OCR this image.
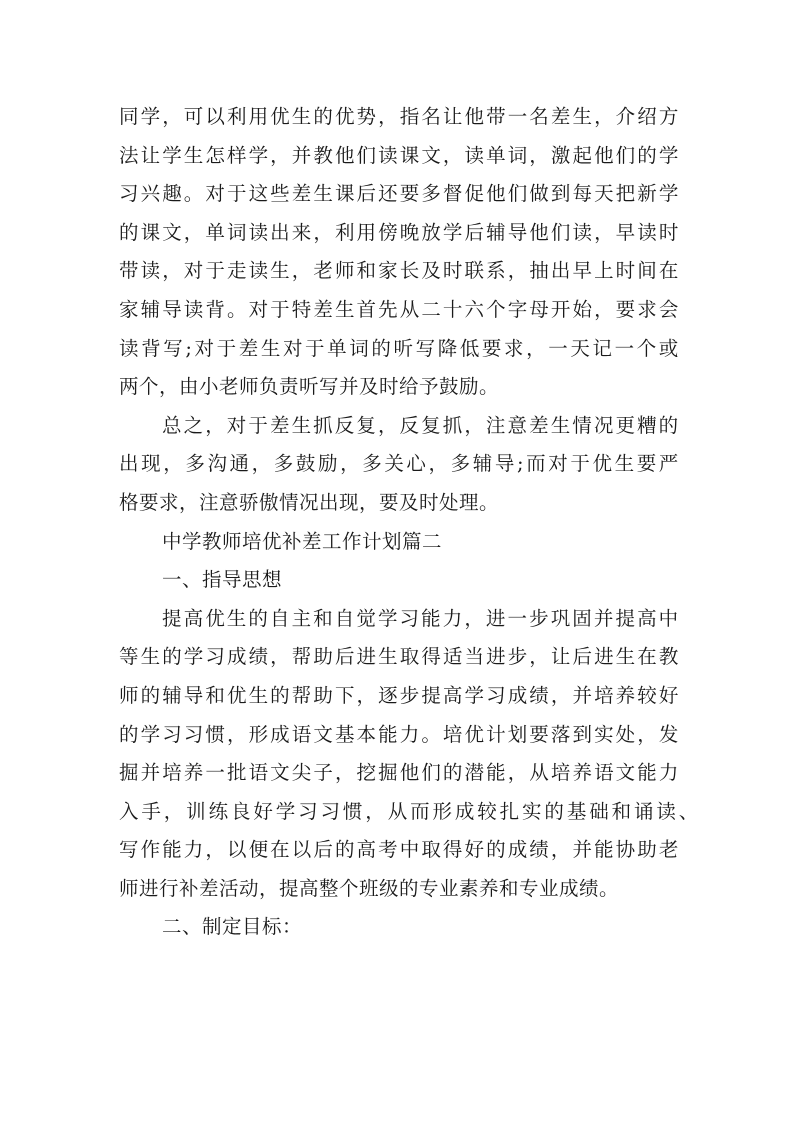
同 学 ， 可 以 利 用 优 生 的 优 势 ， 指 名 让 他 带 一 名 差 生 ， 介 绍 方
法 让 学 生 怎 样 学 ， 并 教 他 们 读 课 文 ， 读 单 词 ， 激 起 他 们 的 学
习 兴 趣 。 对 于 这 些 差 生 课 后 还 要 多 督 促 他 们 做 到 每 天 把 新 学
的 课 文 ， 单 词 读 出 来 ， 利 用 傍 晚 放 学 后 辅 导 他 们 读 ， 早 读 时
带 读 ， 对 于 走 读 生 ， 老 师 和 家 长 及 时 联 系 ， 抽 出 早 上 时 间 在
家 辅 导 读 背 。 对 于 特 差 生 首 先 从 二 十 六 个 字 母 开 始 ， 要 求 会
读 背 写 ; 对 于 差 生 对 于 单 词 的 听 写 降 低 要 求 ， 一 天 记 一 个 或
两个，由小老师负责听写并及时给予鼓励。
总 之 ， 对 于 差 生 抓 反 复 ， 反 复 抓 ， 注 意 差 生 情 况 更 糟 的
出 现 ， 多 沟 通 ， 多 鼓 励 ， 多 关 心 ， 多 辅 导 ; 而 对 于 优 生 要 严
格要求，注意骄傲情况出现，要及时处理。
中学教师培优补差工作计划篇二
一、指导思想
提 高 优 生 的 自 主 和 自 觉 学 习 能 力 ， 进 一 步 巩 固 并 提 高 中
等 生 的 学 习 成 绩 ， 帮 助 后 进 生 取 得 适 当 进 步 ， 让 后 进 生 在 教
师 的 辅 导 和 优 生 的 帮 助 下 ， 逐 步 提 高 学 习 成 绩 ， 并 培 养 较 好
的 学 习 习 惯 ， 形 成 语 文 基 本 能 力 。 培 优 计 划 要 落 到 实 处 ， 发
掘 并 培 养 一 批 语 文 尖 子 ， 挖 掘 他 们 的 潜 能 ， 从 培 养 语 文 能 力
入 手 ， 训 练 良 好 学 习 习 惯 ， 从 而 形 成 较 扎 实 的 基 础 和 诵 读 、
写 作 能 力 ， 以 便 在 以 后 的 高 考 中 取 得 好 的 成 绩 ， 并 能 协 助 老
师进行补差活动，提高整个班级的专业素养和专业成绩。
二、制定目标：
